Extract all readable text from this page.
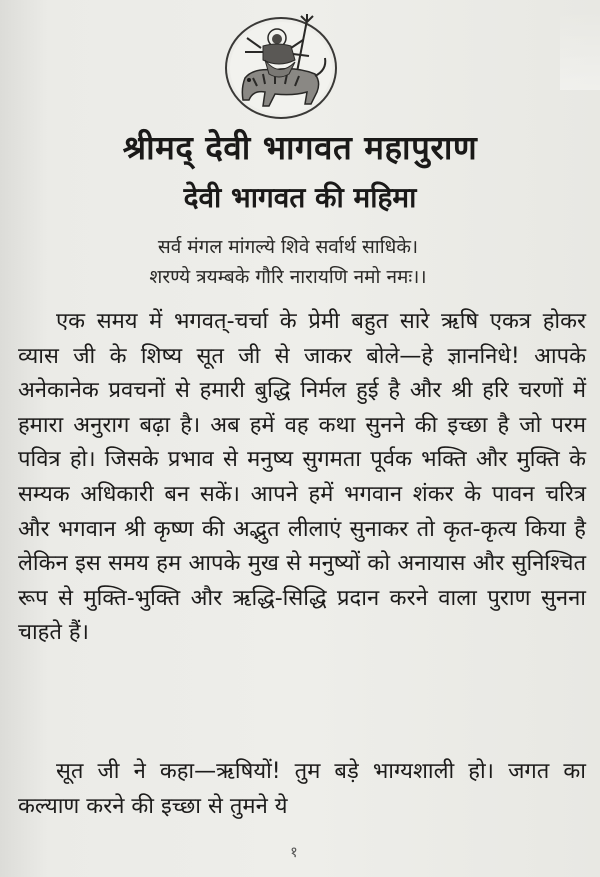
श्रीमद् देवी भागवत महापुराण
देवी भागवत की महिमा
सर्व मंगल मांगल्ये शिवे सर्वार्थ साधिके।
शरण्ये त्रयम्बके गौरि नारायणि नमो नमः।।

एक समय में भगवत्-चर्चा के प्रेमी बहुत सारे ऋषि एकत्र होकर व्यास जी के शिष्य सूत जी से जाकर बोले—हे ज्ञाननिधे! आपके अनेकानेक प्रवचनों से हमारी बुद्धि निर्मल हुई है और श्री हरि चरणों में हमारा अनुराग बढ़ा है। अब हमें वह कथा सुनने की इच्छा है जो परम पवित्र हो। जिसके प्रभाव से मनुष्य सुगमता पूर्वक भक्ति और मुक्ति के सम्यक अधिकारी बन सकें। आपने हमें भगवान शंकर के पावन चरित्र और भगवान श्री कृष्ण की अद्भुत लीलाएं सुनाकर तो कृत-कृत्य किया है लेकिन इस समय हम आपके मुख से मनुष्यों को अनायास और सुनिश्चित रूप से मुक्ति-भुक्ति और ऋद्धि-सिद्धि प्रदान करने वाला पुराण सुनना चाहते हैं।

सूत जी ने कहा—ऋषियों! तुम बड़े भाग्यशाली हो। जगत का कल्याण करने की इच्छा से तुमने ये

१
